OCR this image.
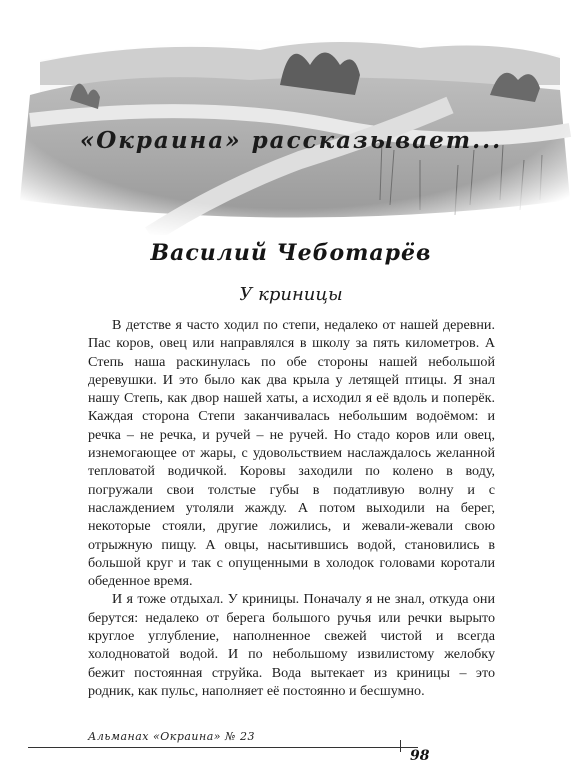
«Окраина» рассказывает...
Василий Чеботарёв
У криницы

В детстве я часто ходил по степи, недалеко от нашей деревни. Пас коров, овец или направлялся в школу за пять километров. А Степь наша раскинулась по обе стороны нашей небольшой деревушки. И это было как два крыла у летящей птицы. Я знал нашу Степь, как двор нашей хаты, а исходил я её вдоль и поперёк. Каждая сторона Степи заканчивалась небольшим водоёмом: и речка – не речка, и ручей – не ручей. Но стадо коров или овец, изнемогающее от жары, с удовольствием наслаждалось желанной тепловатой водичкой. Коровы заходили по колено в воду, погружали свои толстые губы в податливую волну и с наслаждением утоляли жажду. А потом выходили на берег, некоторые стояли, другие ложились, и жевали-жевали свою отрыжную пищу. А овцы, насытившись водой, становились в большой круг и так с опущенными в холодок головами коротали обеденное время.

И я тоже отдыхал. У криницы. Поначалу я не знал, откуда они берутся: недалеко от берега большого ручья или речки вырыто круглое углубление, наполненное свежей чистой и всегда холодноватой водой. И по небольшому извилистому желобку бежит постоянная струйка. Вода вытекает из криницы – это родник, как пульс, наполняет её постоянно и бесшумно.

Альманах «Окраина» № 23
98
